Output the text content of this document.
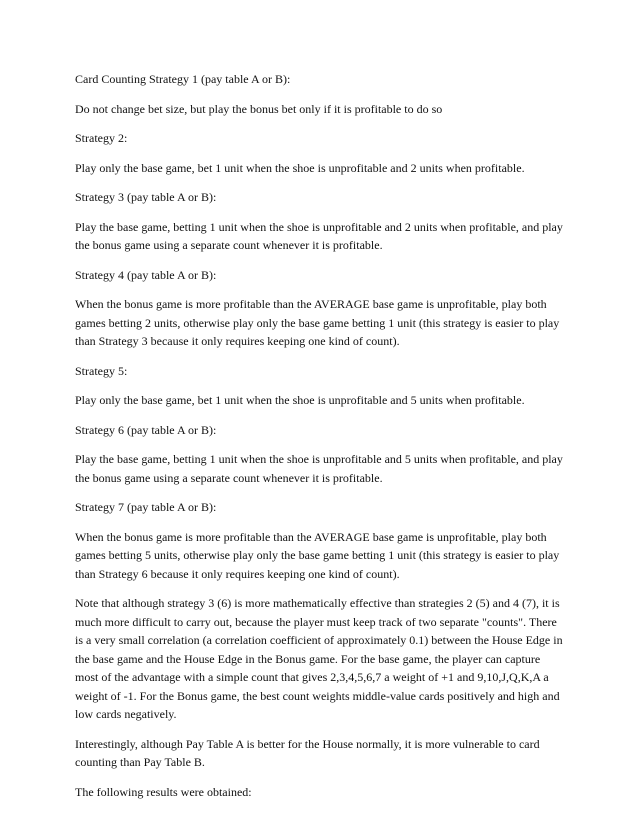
Card Counting Strategy 1 (pay table A or B):

Do not change bet size, but play the bonus bet only if it is profitable to do so

Strategy 2:

Play only the base game, bet 1 unit when the shoe is unprofitable and 2 units when profitable.

Strategy 3 (pay table A or B):

Play the base game, betting 1 unit when the shoe is unprofitable and 2 units when profitable, and play the bonus game using a separate count whenever it is profitable.

Strategy 4 (pay table A or B):

When the bonus game is more profitable than the AVERAGE base game is unprofitable, play both games betting 2 units, otherwise play only the base game betting 1 unit (this strategy is easier to play than Strategy 3 because it only requires keeping one kind of count).

Strategy 5:

Play only the base game, bet 1 unit when the shoe is unprofitable and 5 units when profitable.

Strategy 6 (pay table A or B):

Play the base game, betting 1 unit when the shoe is unprofitable and 5 units when profitable, and play the bonus game using a separate count whenever it is profitable.

Strategy 7 (pay table A or B):

When the bonus game is more profitable than the AVERAGE base game is unprofitable, play both games betting 5 units, otherwise play only the base game betting 1 unit (this strategy is easier to play than Strategy 6 because it only requires keeping one kind of count).

Note that although strategy 3 (6) is more mathematically effective than strategies 2 (5) and 4 (7), it is much more difficult to carry out, because the player must keep track of two separate "counts". There is a very small correlation (a correlation coefficient of approximately 0.1) between the House Edge in the base game and the House Edge in the Bonus game. For the base game, the player can capture most of the advantage with a simple count that gives 2,3,4,5,6,7 a weight of +1 and 9,10,J,Q,K,A a weight of -1. For the Bonus game, the best count weights middle-value cards positively and high and low cards negatively.

Interestingly, although Pay Table A is better for the House normally, it is more vulnerable to card counting than Pay Table B.

The following results were obtained:
